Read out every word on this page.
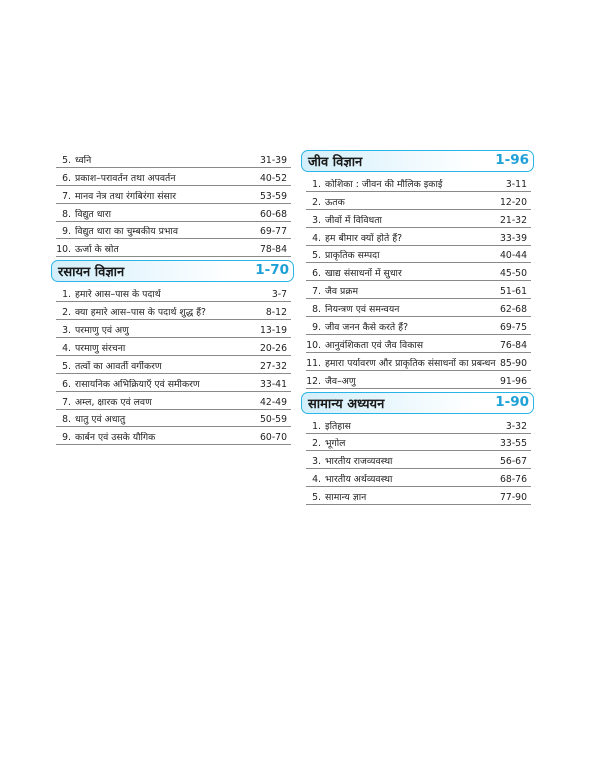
5. ध्वनि	31-39
6. प्रकाश–परावर्तन तथा अपवर्तन	40-52
7. मानव नेत्र तथा रंगबिरंगा संसार	53-59
8. विद्युत धारा	60-68
9. विद्युत धारा का चुम्बकीय प्रभाव	69-77
10. ऊर्जा के स्रोत	78-84
रसायन विज्ञान	1-70
1. हमारे आस–पास के पदार्थ	3-7
2. क्या हमारे आस–पास के पदार्थ शुद्ध हैं?	8-12
3. परमाणु एवं अणु	13-19
4. परमाणु संरचना	20-26
5. तत्वों का आवर्ती वर्गीकरण	27-32
6. रासायनिक अभिक्रियाएँ एवं समीकरण	33-41
7. अम्ल, क्षारक एवं लवण	42-49
8. धातु एवं अधातु	50-59
9. कार्बन एवं उसके यौगिक	60-70
जीव विज्ञान	1-96
1. कोशिका : जीवन की मौलिक इकाई	3-11
2. ऊतक	12-20
3. जीवों में विविधता	21-32
4. हम बीमार क्यों होते हैं?	33-39
5. प्राकृतिक सम्पदा	40-44
6. खाद्य संसाधनों में सुधार	45-50
7. जैव प्रक्रम	51-61
8. नियन्त्रण एवं समन्वयन	62-68
9. जीव जनन कैसे करते हैं?	69-75
10. आनुवंशिकता एवं जैव विकास	76-84
11. हमारा पर्यावरण और प्राकृतिक संसाधनों का प्रबन्धन 85-90
12. जैव–अणु	91-96
सामान्य अध्ययन	1-90
1. इतिहास	3-32
2. भूगोल	33-55
3. भारतीय राजव्यवस्था	56-67
4. भारतीय अर्थव्यवस्था	68-76
5. सामान्य ज्ञान	77-90
